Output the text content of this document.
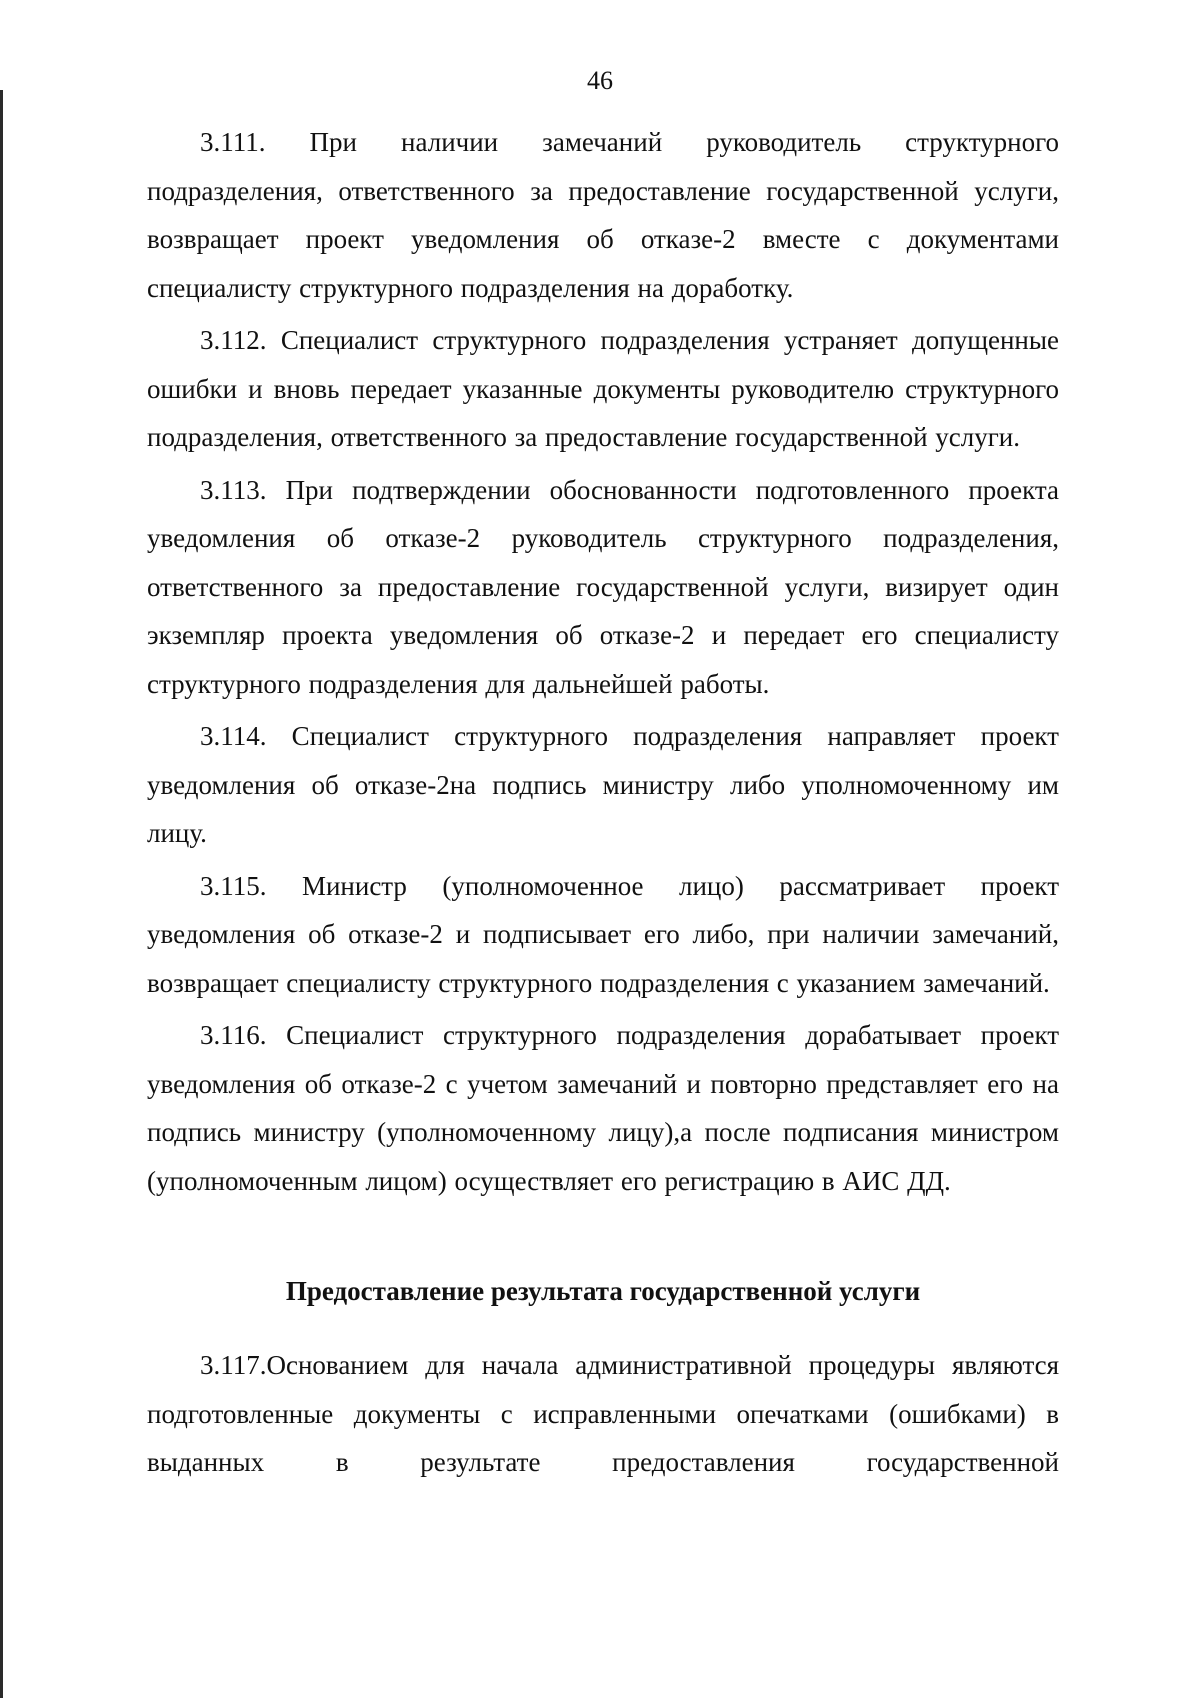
46

3.111. При наличии замечаний руководитель структурного подразделения, ответственного за предоставление государственной услуги, возвращает проект уведомления об отказе-2 вместе с документами специалисту структурного подразделения на доработку.

3.112. Специалист структурного подразделения устраняет допущенные ошибки и вновь передает указанные документы руководителю структурного подразделения, ответственного за предоставление государственной услуги.

3.113. При подтверждении обоснованности подготовленного проекта уведомления об отказе-2 руководитель структурного подразделения, ответственного за предоставление государственной услуги, визирует один экземпляр проекта уведомления об отказе-2 и передает его специалисту структурного подразделения для дальнейшей работы.

3.114. Специалист структурного подразделения направляет проект уведомления об отказе-2на подпись министру либо уполномоченному им лицу.

3.115. Министр (уполномоченное лицо) рассматривает проект уведомления об отказе-2 и подписывает его либо, при наличии замечаний, возвращает специалисту структурного подразделения с указанием замечаний.

3.116. Специалист структурного подразделения дорабатывает проект уведомления об отказе-2 с учетом замечаний и повторно представляет его на подпись министру (уполномоченному лицу),а после подписания министром (уполномоченным лицом) осуществляет его регистрацию в АИС ДД.

Предоставление результата государственной услуги

3.117.Основанием для начала административной процедуры являются подготовленные документы с исправленными опечатками (ошибками) в выданных в результате предоставления государственной
